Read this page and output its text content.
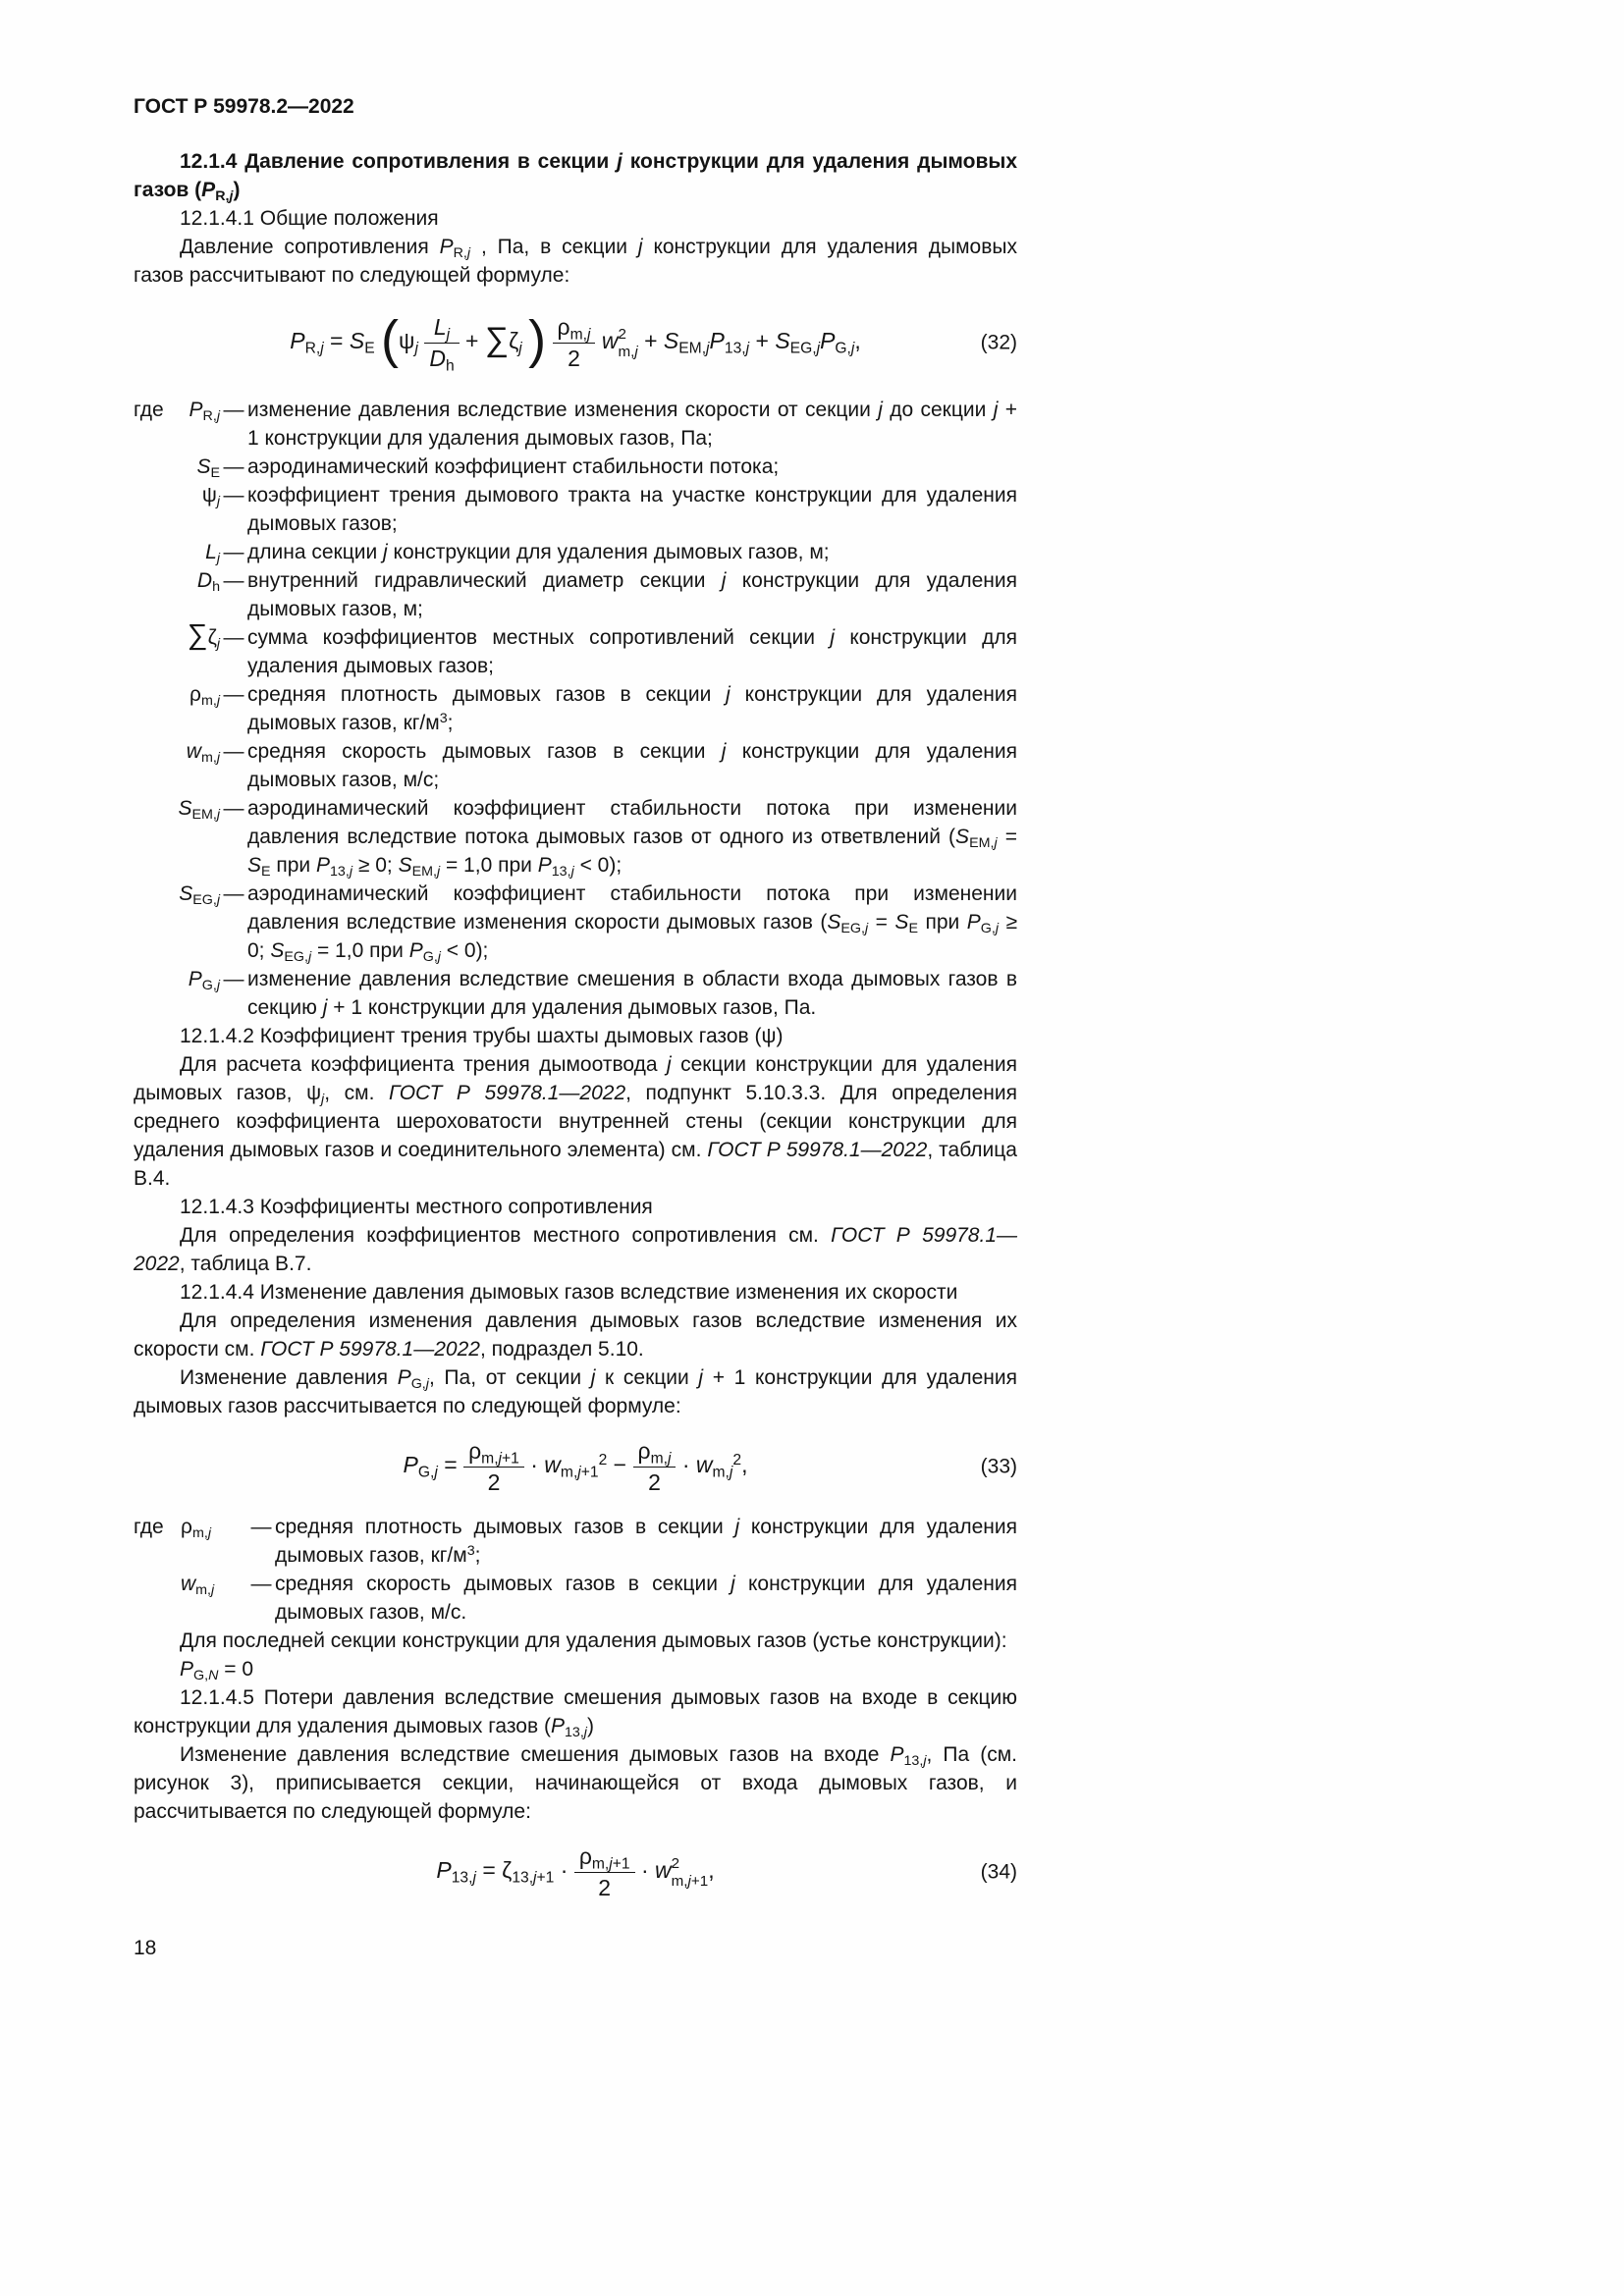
ГОСТ Р 59978.2—2022

12.1.4 Давление сопротивления в секции j конструкции для удаления дымовых газов $(P_{R,j})$

12.1.4.1 Общие положения

Давление сопротивления $P_{R,j}$ , Па, в секции j конструкции для удаления дымовых газов рассчитывают по следующей формуле:

$P_{R,j} = S_E$ ($\psi_j \frac{L_j}{D_h} + \sum\zeta_j$ ) $\frac{\rho_{m,j}}{2}$ w 2
$m,j + S_{EM,j}P_{13,j} + S_{EG,j}P_{G,j}$,	(32)
где	$P_{R,j}$ — изменение давления вследствие изменения скорости от секции j до секции j + 1 конструкции для удаления дымовых газов, Па;
$S_E$ — аэродинамический коэффициент стабильности потока;
$\psi_j$ — коэффициент трения дымового тракта на участке конструкции для удаления дымовых газов;
$L_j$ — длина секции j конструкции для удаления дымовых газов, м;
$D_h$ — внутренний гидравлический диаметр секции j конструкции для удаления дымовых газов, м;
$\sum\zeta_j$ — сумма коэффициентов местных сопротивлений секции j конструкции для удаления дымовых газов;
$\rho_{m,j}$ — средняя плотность дымовых газов в секции j конструкции для удаления дымовых газов, $кг/м^3$;
$w_{m,j}$ — средняя скорость дымовых газов в секции j конструкции для удаления дымовых газов, м/с;
$S_{EM,j}$ — аэродинамический коэффициент стабильности потока при изменении давления вследствие потока дымовых газов от одного из ответвлений ($S_{EM,j} = S_E$ при $P_{13,j} \ge 0$; $S_{EM,j} = 1,0$ при $P_{13,j} < 0$);
$S_{EG,j}$ — аэродинамический коэффициент стабильности потока при изменении давления вследствие изменения скорости дымовых газов ($S_{EG,j} = S_E$ при $P_{G,j} \ge 0$; $S_{EG,j} = 1,0$ при $P_{G,j} < 0$);
$P_{G,j}$ — изменение давления вследствие смешения в области входа дымовых газов в секцию j + 1 конструкции для удаления дымовых газов, Па.

12.1.4.2 Коэффициент трения трубы шахты дымовых газов (ψ)

Для расчета коэффициента трения дымоотвода j секции конструкции для удаления дымовых газов, $\psi_j$, см. ГОСТ Р 59978.1—2022, подпункт 5.10.3.3. Для определения среднего коэффициента шероховатости внутренней стены (секции конструкции для удаления дымовых газов и соединительного элемента) см. ГОСТ Р 59978.1—2022, таблица В.4.

12.1.4.3 Коэффициенты местного сопротивления

Для определения коэффициентов местного сопротивления см. ГОСТ Р 59978.1—2022, таблица В.7.

12.1.4.4 Изменение давления дымовых газов вследствие изменения их скорости

Для определения изменения давления дымовых газов вследствие изменения их скорости см. ГОСТ Р 59978.1—2022, подраздел 5.10.

Изменение давления $P_{G,j}$, Па, от секции j к секции j + 1 конструкции для удаления дымовых газов рассчитывается по следующей формуле:

$P_{G,j} = \frac{\rho_{m,j+1}}{2} \cdot w_{m,j+1}^2 - \frac{\rho_{m,j}}{2} \cdot w_{m,j}^2$,	(33)
где $\rho_{m,j}$	— средняя плотность дымовых газов в секции j конструкции для удаления дымовых газов, $кг/м^3$;
$w_{m,j}$	— средняя скорость дымовых газов в секции j конструкции для удаления дымовых газов, м/с.

Для последней секции конструкции для удаления дымовых газов (устье конструкции):

$P_{G,N} = 0$

12.1.4.5 Потери давления вследствие смешения дымовых газов на входе в секцию конструкции для удаления дымовых газов $(P_{13,j})$

Изменение давления вследствие смешения дымовых газов на входе $P_{13,j}$, Па (см. рисунок 3), приписывается секции, начинающейся от входа дымовых газов, и рассчитывается по следующей формуле:

$P_{13,j} = \zeta_{13,j+1} \cdot \frac{\rho_{m,j+1}}{2} \cdot w$ 2
m,j+1 ,	(34)
18
